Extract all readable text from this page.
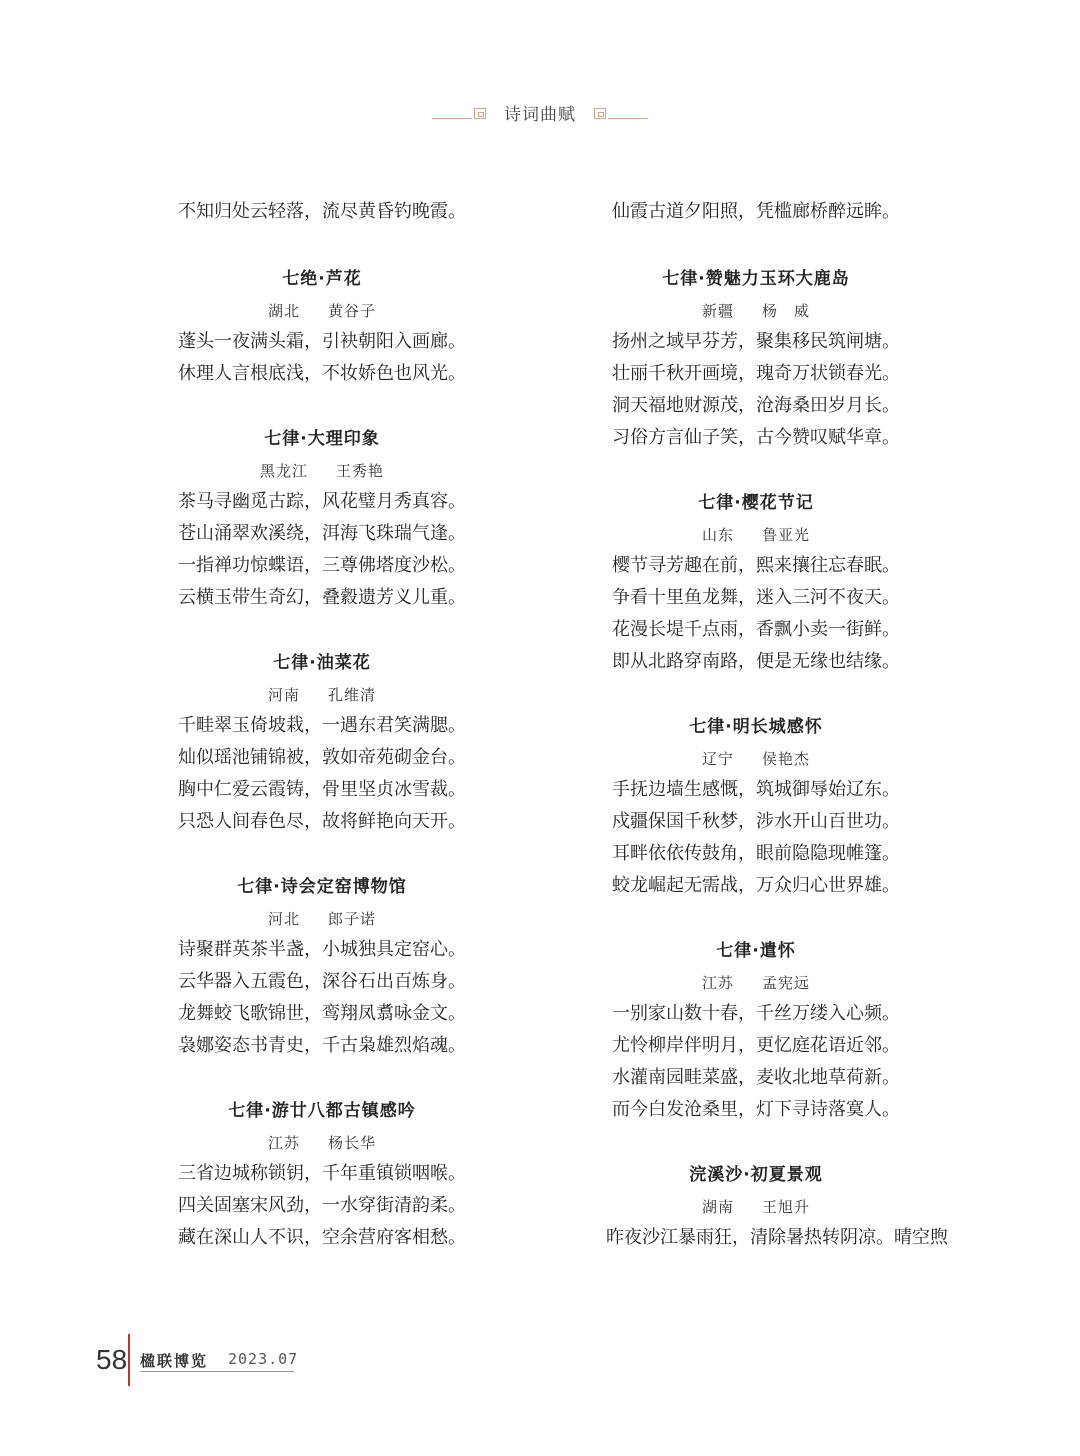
诗词曲赋
不知归处云轻落，流尽黄昏钓晚霞。
七绝·芦花
湖北 黄谷子
蓬头一夜满头霜，引袂朝阳入画廊。
休理人言根底浅，不妆娇色也风光。
七律·大理印象
黑龙江 王秀艳
茶马寻幽觅古踪，风花璧月秀真容。
苍山涌翠欢溪绕，洱海飞珠瑞气逢。
一指禅功惊蝶语，三尊佛塔度沙松。
云横玉带生奇幻，叠縠遗芳义儿重。
七律·油菜花
河南 孔维清
千畦翠玉倚坡栽，一遇东君笑满腮。
灿似瑶池铺锦被，敦如帝苑砌金台。
胸中仁爱云霞铸，骨里坚贞冰雪裁。
只恐人间春色尽，故将鲜艳向天开。
七律·诗会定窑博物馆
河北 郎子诺
诗聚群英茶半盏，小城独具定窑心。
云华器入五霞色，深谷石出百炼身。
龙舞蛟飞歌锦世，鸾翔凤翥咏金文。
袅娜姿态书青史，千古枭雄烈焰魂。
七律·游廿八都古镇感吟
江苏 杨长华
三省边城称锁钥，千年重镇锁咽喉。
四关固塞宋风劲，一水穿街清韵柔。
藏在深山人不识，空余营府客相愁。
仙霞古道夕阳照，凭槛廊桥醉远眸。
七律·赞魅力玉环大鹿岛
新疆 杨　威
扬州之域早芬芳，聚集移民筑闸塘。
壮丽千秋开画境，瑰奇万状锁春光。
洞天福地财源茂，沧海桑田岁月长。
习俗方言仙子笑，古今赞叹赋华章。
七律·樱花节记
山东 鲁亚光
樱节寻芳趣在前，熙来攘往忘春眠。
争看十里鱼龙舞，迷入三河不夜天。
花漫长堤千点雨，香飘小卖一街鲜。
即从北路穿南路，便是无缘也结缘。
七律·明长城感怀
辽宁 侯艳杰
手抚边墙生感慨，筑城御辱始辽东。
戍疆保国千秋梦，涉水开山百世功。
耳畔依依传鼓角，眼前隐隐现帷篷。
蛟龙崛起无需战，万众归心世界雄。
七律·遣怀
江苏 孟宪远
一别家山数十春，千丝万缕入心频。
尤怜柳岸伴明月，更忆庭花语近邻。
水灌南园畦菜盛，麦收北地草荷新。
而今白发沧桑里，灯下寻诗落寞人。
浣溪沙·初夏景观
湖南 王旭升
昨夜沙江暴雨狂，清除暑热转阴凉。晴空煦
58 楹联博览 2023.07
